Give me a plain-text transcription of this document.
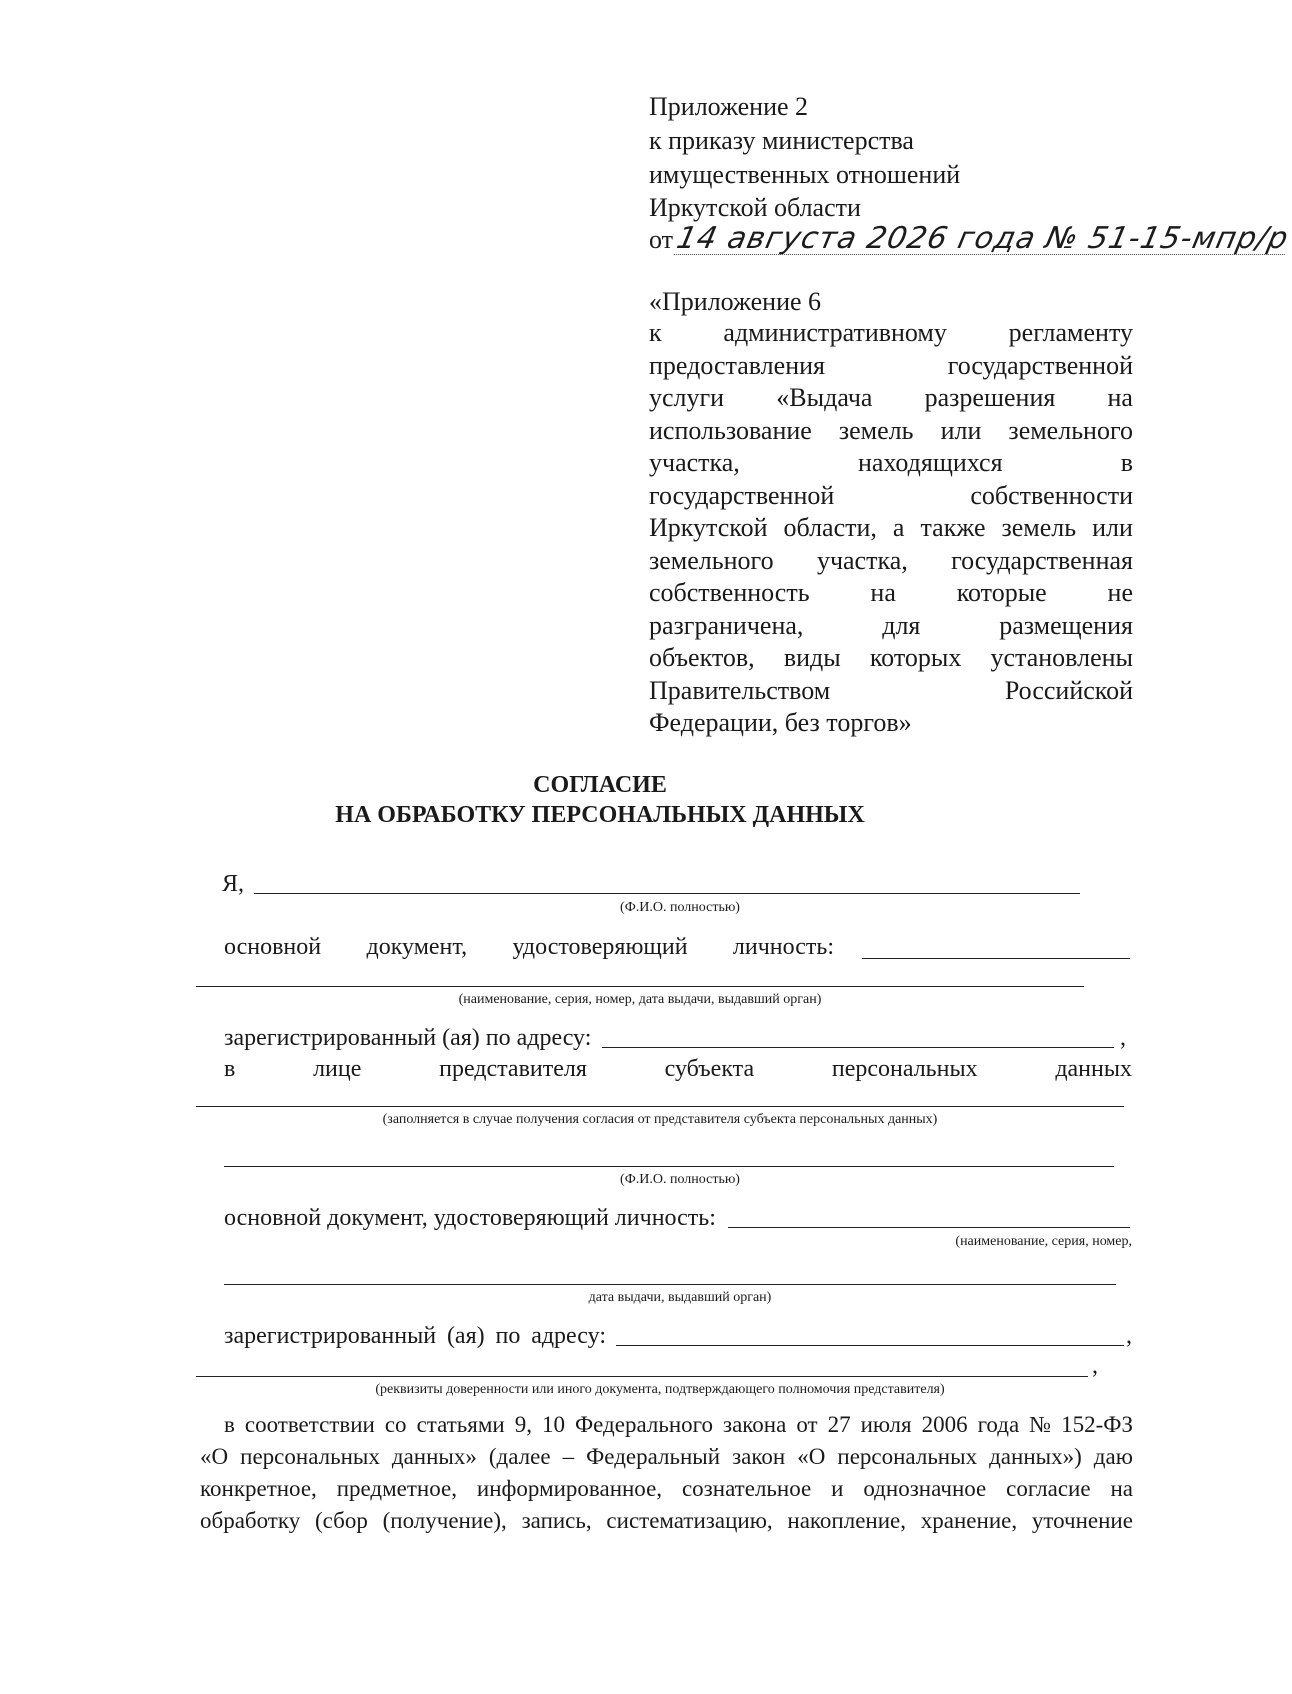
Приложение 2
к приказу министерства
имущественных отношений
Иркутской области
от14 августа 2026 года № 51-15-мпр/р
«Приложение 6
к административному регламенту
предоставления	государственной
услуги «Выдача разрешения на
использование земель или земельного
участка,	находящихся	в
государственной	собственности
Иркутской области, а также земель или
земельного участка, государственная
собственность на которые не
разграничена,	для	размещения
объектов, виды которых установлены
Правительством	Российской
Федерации, без торгов»
СОГЛАСИЕ
НА ОБРАБОТКУ ПЕРСОНАЛЬНЫХ ДАННЫХ
Я,
(Ф.И.О. полностью)
основной документ, удостоверяющий личность:
(наименование, серия, номер, дата выдачи, выдавший орган)
зарегистрированный (ая) по адресу:	,
в	лице	представителя	субъекта	персональных	данных
(заполняется в случае получения согласия от представителя субъекта персональных данных)
(Ф.И.О. полностью)
основной документ, удостоверяющий личность:
(наименование, серия, номер,
дата выдачи, выдавший орган)
зарегистрированный (ая) по адресу:	,
,
(реквизиты доверенности или иного документа, подтверждающего полномочия представителя)
в соответствии со статьями 9, 10 Федерального закона от 27 июля 2006 года № 152-ФЗ
«О персональных данных» (далее – Федеральный закон «О персональных данных») даю
конкретное, предметное, информированное, сознательное и однозначное согласие на
обработку (сбор (получение), запись, систематизацию, накопление, хранение, уточнение
